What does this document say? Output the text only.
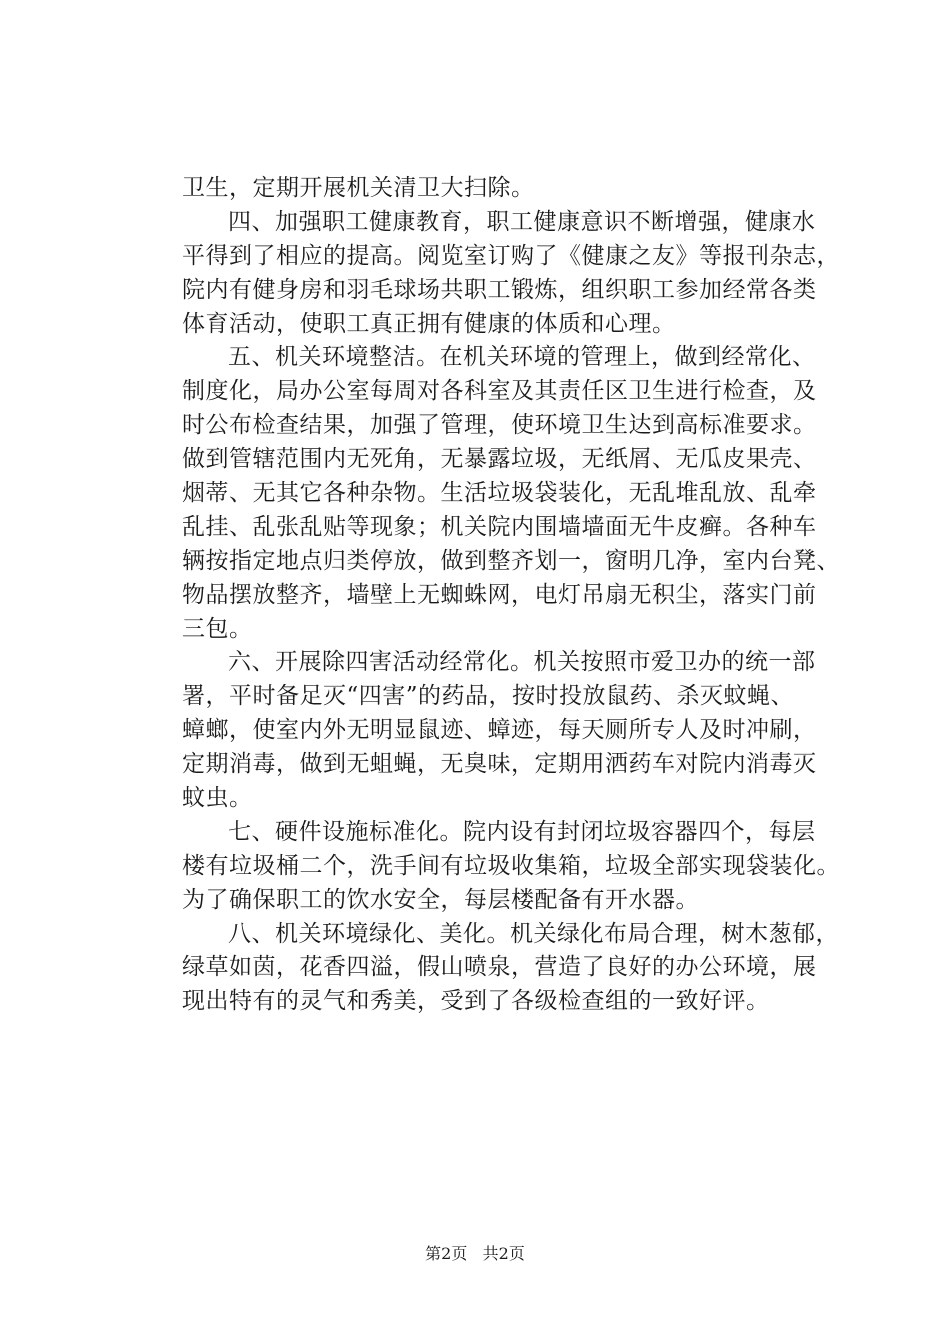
卫生，定期开展机关清卫大扫除。
四、加强职工健康教育，职工健康意识不断增强，健康水
平得到了相应的提高。阅览室订购了《健康之友》等报刊杂志，
院内有健身房和羽毛球场共职工锻炼，组织职工参加经常各类
体育活动，使职工真正拥有健康的体质和心理。
五、机关环境整洁。在机关环境的管理上，做到经常化、
制度化，局办公室每周对各科室及其责任区卫生进行检查，及
时公布检查结果，加强了管理，使环境卫生达到高标准要求。
做到管辖范围内无死角，无暴露垃圾，无纸屑、无瓜皮果壳、
烟蒂、无其它各种杂物。生活垃圾袋装化，无乱堆乱放、乱牵
乱挂、乱张乱贴等现象；机关院内围墙墙面无牛皮癣。各种车
辆按指定地点归类停放，做到整齐划一，窗明几净，室内台凳、
物品摆放整齐，墙壁上无蜘蛛网，电灯吊扇无积尘，落实门前
三包。
六、开展除四害活动经常化。机关按照市爱卫办的统一部
署，平时备足灭“四害”的药品，按时投放鼠药、杀灭蚊蝇、
蟑螂，使室内外无明显鼠迹、蟑迹，每天厕所专人及时冲刷，
定期消毒，做到无蛆蝇，无臭味，定期用洒药车对院内消毒灭
蚊虫。
七、硬件设施标准化。院内设有封闭垃圾容器四个，每层
楼有垃圾桶二个，洗手间有垃圾收集箱，垃圾全部实现袋装化。
为了确保职工的饮水安全，每层楼配备有开水器。
八、机关环境绿化、美化。机关绿化布局合理，树木葱郁，
绿草如茵，花香四溢，假山喷泉，营造了良好的办公环境，展
现出特有的灵气和秀美，受到了各级检查组的一致好评。
第2页 共2页
